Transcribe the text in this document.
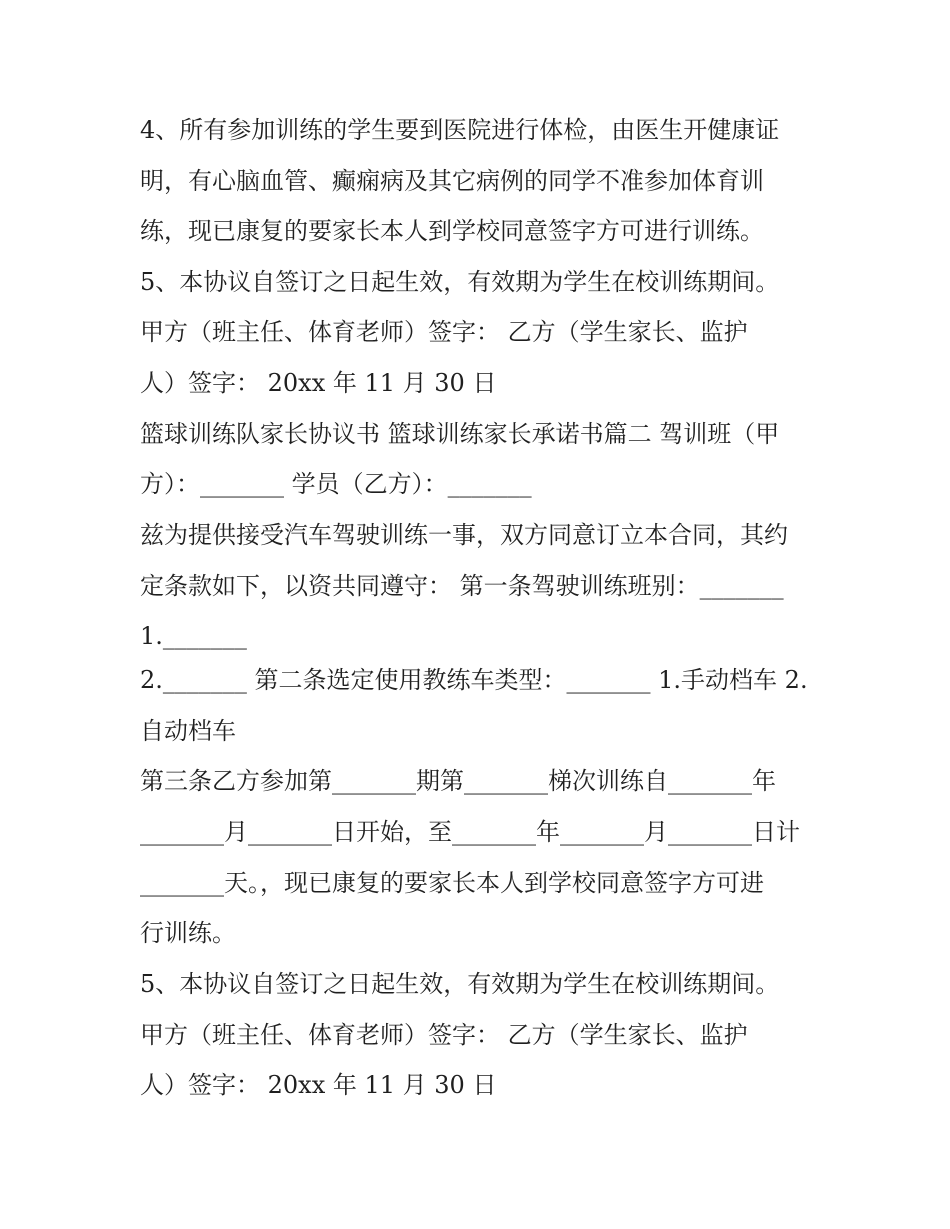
4、所有参加训练的学生要到医院进行体检，由医生开健康证
明，有心脑血管、癫痫病及其它病例的同学不准参加体育训
练，现已康复的要家长本人到学校同意签字方可进行训练。
5、本协议自签订之日起生效，有效期为学生在校训练期间。
甲方（班主任、体育老师）签字： 乙方（学生家长、监护
人）签字： 20xx 年 11 月 30 日
篮球训练队家长协议书 篮球训练家长承诺书篇二 驾训班（甲
方）：_______ 学员（乙方）：_______
兹为提供接受汽车驾驶训练一事，双方同意订立本合同，其约
定条款如下，以资共同遵守： 第一条驾驶训练班别：_______
1._______
2._______ 第二条选定使用教练车类型：_______ 1.手动档车 2.
自动档车
第三条乙方参加第_______期第_______梯次训练自_______年
_______月_______日开始，至_______年_______月_______日计
_______天。，现已康复的要家长本人到学校同意签字方可进
行训练。
5、本协议自签订之日起生效，有效期为学生在校训练期间。
甲方（班主任、体育老师）签字： 乙方（学生家长、监护
人）签字： 20xx 年 11 月 30 日
